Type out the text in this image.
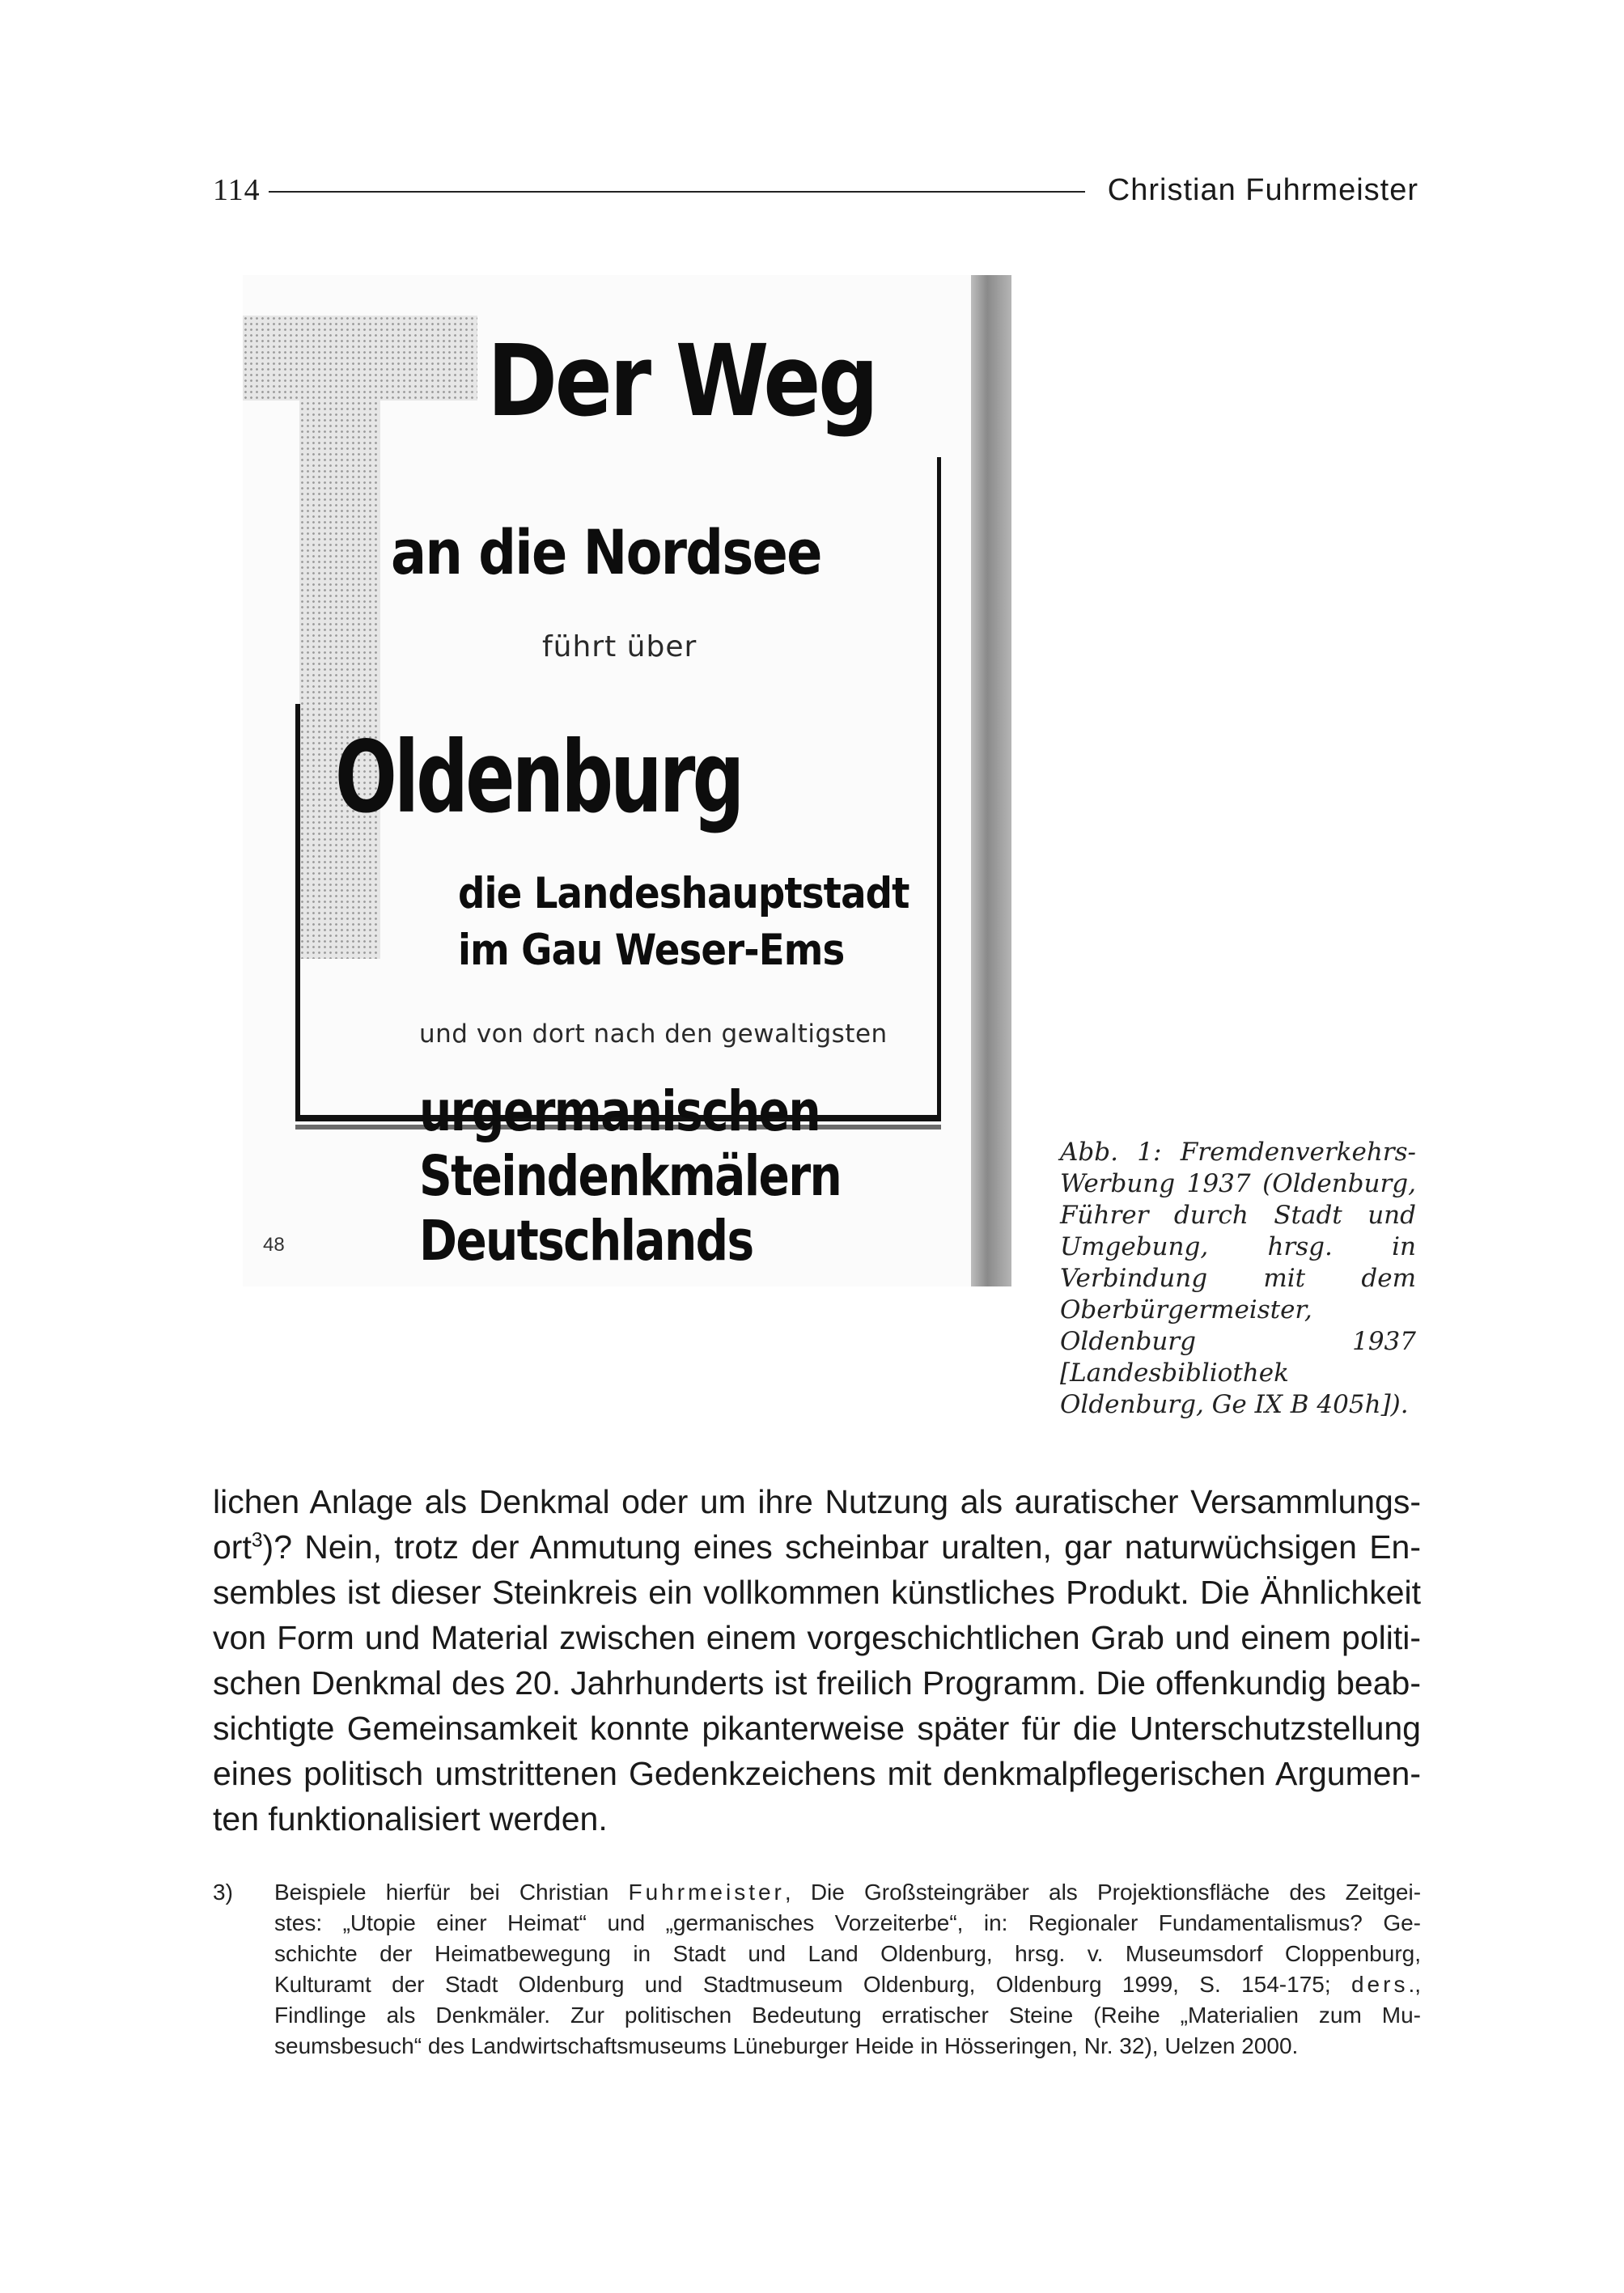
114	Christian Fuhrmeister
Der Weg
an die Nordsee
führt über
Oldenburg
die Landeshauptstadt
im Gau Weser-Ems
und von dort nach den gewaltigsten
urgermanischen
Steindenkmälern
Deutschlands
48
Abb. 1: Fremdenverkehrs-Werbung 1937 (Oldenburg, Führer durch Stadt und Umgebung, hrsg. in Verbindung mit dem Oberbürgermeister, Oldenburg 1937 [Landesbibliothek Oldenburg, Ge IX B 405h]).
lichen Anlage als Denkmal oder um ihre Nutzung als auratischer Versammlungs-
ort$^3$)? Nein, trotz der Anmutung eines scheinbar uralten, gar naturwüchsigen En-
sembles ist dieser Steinkreis ein vollkommen künstliches Produkt. Die Ähnlichkeit
von Form und Material zwischen einem vorgeschichtlichen Grab und einem politi-
schen Denkmal des 20. Jahrhunderts ist freilich Programm. Die offenkundig beab-
sichtigte Gemeinsamkeit konnte pikanterweise später für die Unterschutzstellung
eines politisch umstrittenen Gedenkzeichens mit denkmalpflegerischen Argumen-
ten funktionalisiert werden.
3) Beispiele hierfür bei Christian Fuhrmeister, Die Großsteingräber als Projektionsfläche des Zeitgei-
stes: „Utopie einer Heimat“ und „germanisches Vorzeiterbe“, in: Regionaler Fundamentalismus? Ge-
schichte der Heimatbewegung in Stadt und Land Oldenburg, hrsg. v. Museumsdorf Cloppenburg,
Kulturamt der Stadt Oldenburg und Stadtmuseum Oldenburg, Oldenburg 1999, S. 154-175; ders.,
Findlinge als Denkmäler. Zur politischen Bedeutung erratischer Steine (Reihe „Materialien zum Mu-
seumsbesuch“ des Landwirtschaftsmuseums Lüneburger Heide in Hösseringen, Nr. 32), Uelzen 2000.
